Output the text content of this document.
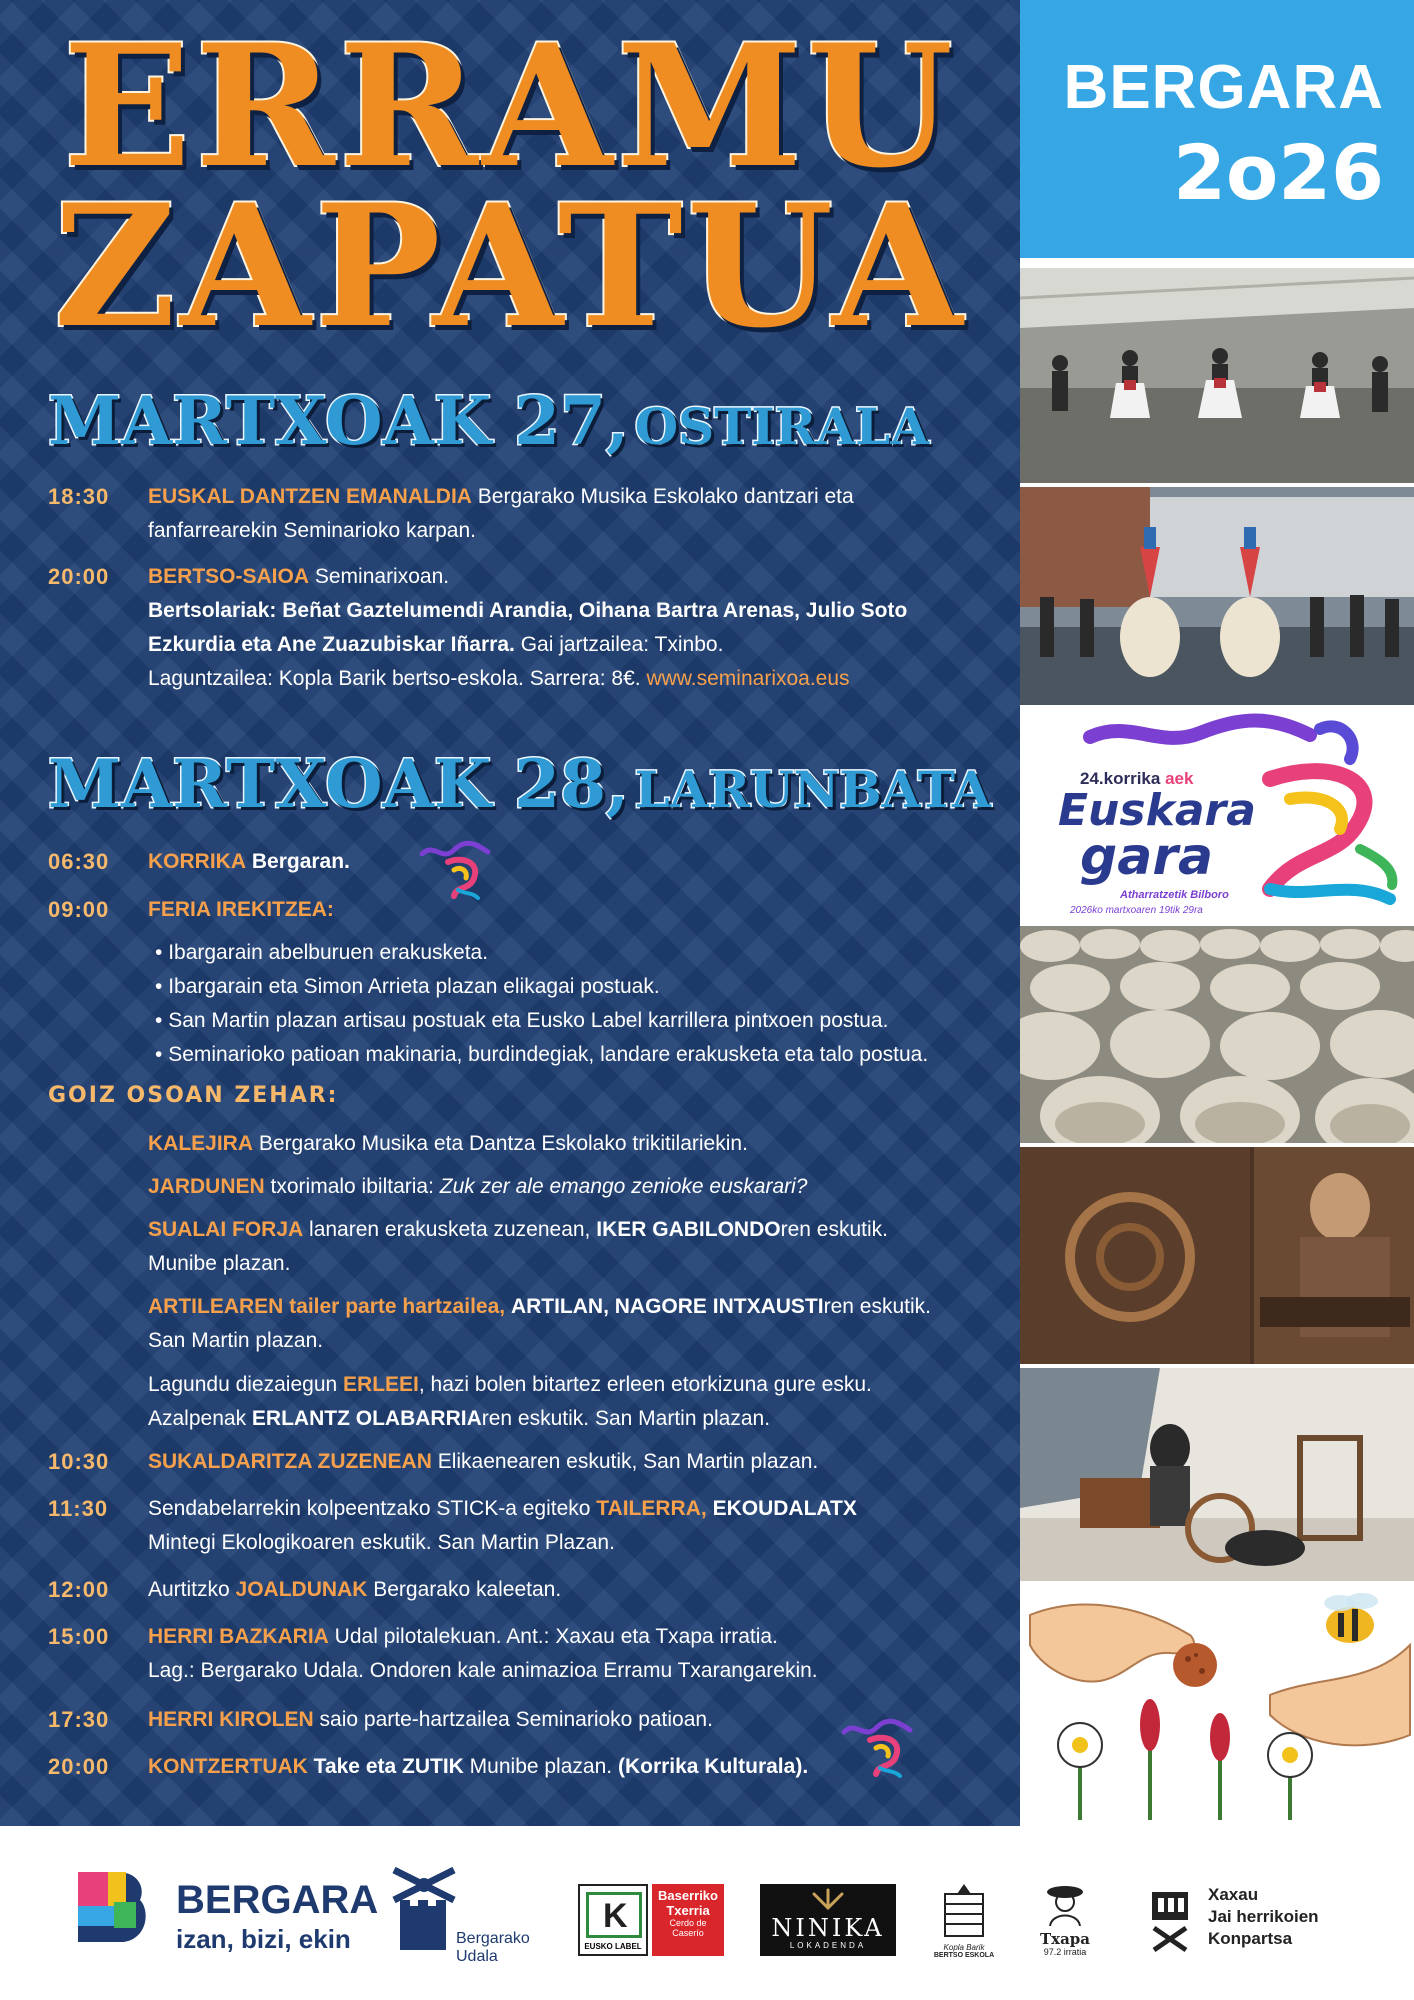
ERRAMU
ZAPATUA
MARTXOAK 27, OSTIRALA
18:30	EUSKAL DANTZEN EMANALDIA Bergarako Musika Eskolako dantzari eta
fanfarrearekin Seminarioko karpan.
20:00	BERTSO-SAIOA Seminarixoan.
Bertsolariak: Beñat Gaztelumendi Arandia, Oihana Bartra Arenas, Julio Soto
Ezkurdia eta Ane Zuazubiskar Iñarra. Gai jartzailea: Txinbo.
Laguntzailea: Kopla Barik bertso-eskola. Sarrera: 8€. www.seminarixoa.eus
MARTXOAK 28, LARUNBATA
06:30	KORRIKA Bergaran.
09:00	FERIA IREKITZEA:
• Ibargarain abelburuen erakusketa.
• Ibargarain eta Simon Arrieta plazan elikagai postuak.
• San Martin plazan artisau postuak eta Eusko Label karrillera pintxoen postua.
• Seminarioko patioan makinaria, burdindegiak, landare erakusketa eta talo postua.
GOIZ OSOAN ZEHAR:
KALEJIRA Bergarako Musika eta Dantza Eskolako trikitilariekin.
JARDUNEN txorimalo ibiltaria: Zuk zer ale emango zenioke euskarari?
SUALAI FORJA lanaren erakusketa zuzenean, IKER GABILONDOren eskutik.
Munibe plazan.
ARTILEAREN tailer parte hartzailea, ARTILAN, NAGORE INTXAUSTIren eskutik.
San Martin plazan.
Lagundu diezaiegun ERLEEI, hazi bolen bitartez erleen etorkizuna gure esku.
Azalpenak ERLANTZ OLABARRIAren eskutik. San Martin plazan.
10:30	SUKALDARITZA ZUZENEAN Elikaenearen eskutik, San Martin plazan.
11:30	Sendabelarrekin kolpeentzako STICK-a egiteko TAILERRA, EKOUDALATX
Mintegi Ekologikoaren eskutik. San Martin Plazan.
12:00	Aurtitzko JOALDUNAK Bergarako kaleetan.
15:00	HERRI BAZKARIA Udal pilotalekuan. Ant.: Xaxau eta Txapa irratia.
Lag.: Bergarako Udala. Ondoren kale animazioa Erramu Txarangarekin.
17:30	HERRI KIROLEN saio parte-hartzailea Seminarioko patioan.
20:00	KONTZERTUAK Take eta ZUTIK Munibe plazan. (Korrika Kulturala).
BERGARA
2o26
24.korrika aek
Euskara
gara
Atharratzetik Bilboro
2026ko martxoaren 19tik 29ra
BERGARA
izan, bizi, ekin	Bergarako
Udala
K
EUSKO LABEL
Baserriko
Txerria
Cerdo de
Caserío	NINIKA
LOKADENDA	Kopla Barik
BERTSO ESKOLA
Txapa
97.2 irratia
Xaxau
Jai herrikoien
Konpartsa
